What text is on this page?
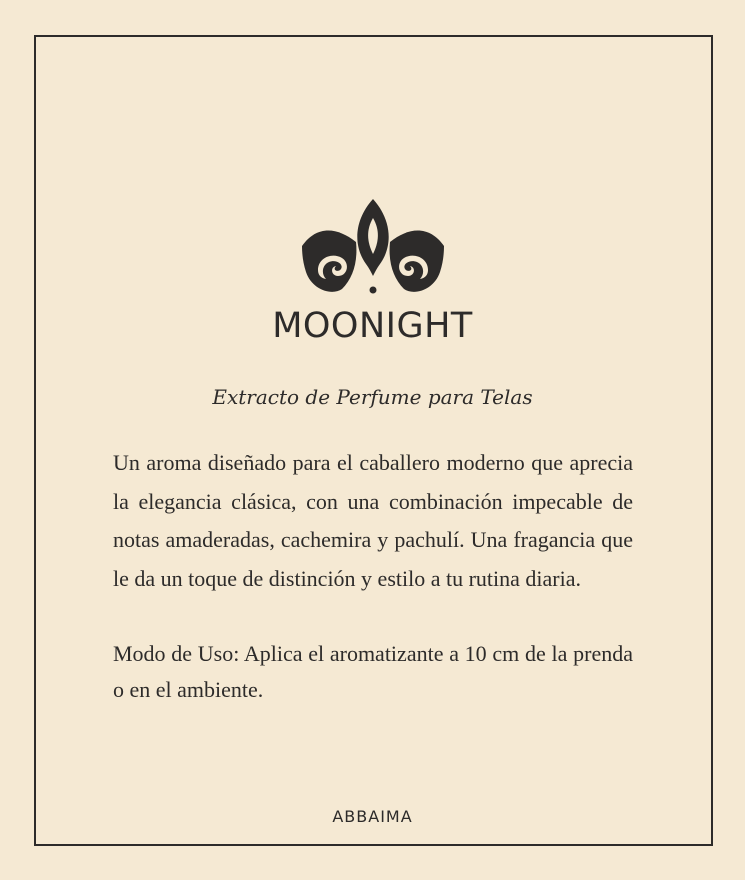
MOONIGHT
Extracto de Perfume para Telas

Un aroma diseñado para el caballero moderno que aprecia la elegancia clásica, con una combinación impecable de notas amaderadas, cachemira y pachulí. Una fragancia que le da un toque de distinción y estilo a tu rutina diaria.

Modo de Uso: Aplica el aromatizante a 10 cm de la prenda o en el ambiente.

ABBAIMA
